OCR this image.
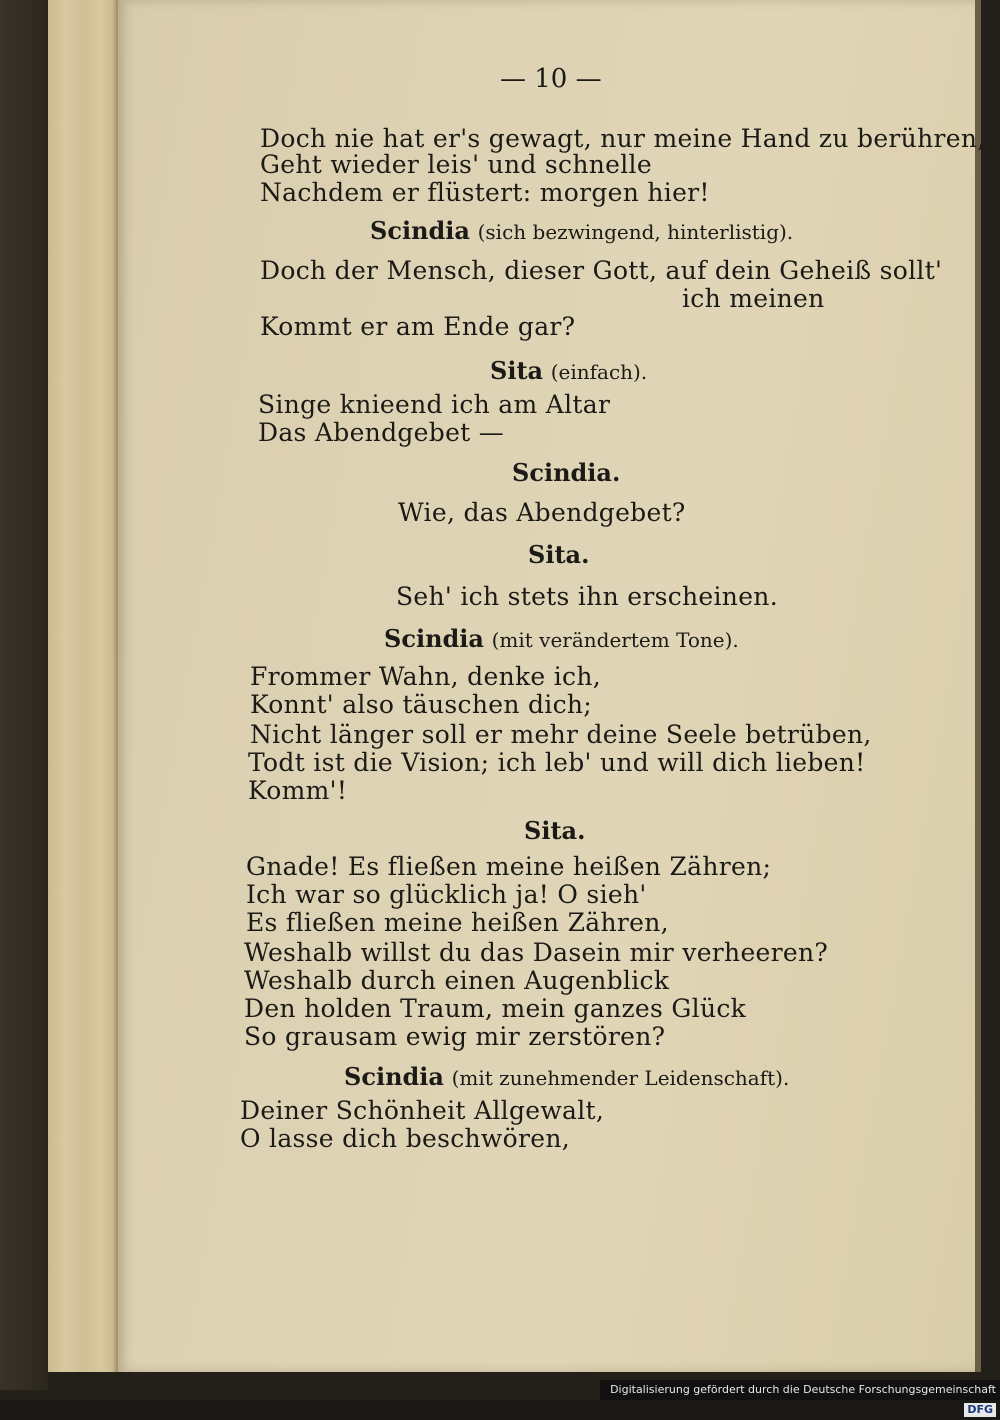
— 10 —
Doch nie hat er's gewagt, nur meine Hand zu berühren,
Geht wieder leis' und schnelle
Nachdem er flüstert: morgen hier!
Scindia (sich bezwingend, hinterlistig).
Doch der Mensch, dieser Gott, auf dein Geheiß sollt'
ich meinen
Kommt er am Ende gar?
Sita (einfach).
Singe knieend ich am Altar
Das Abendgebet —
Scindia.
Wie, das Abendgebet?
Sita.
Seh' ich stets ihn erscheinen.
Scindia (mit verändertem Tone).
Frommer Wahn, denke ich,
Konnt' also täuschen dich;
Nicht länger soll er mehr deine Seele betrüben,
Todt ist die Vision; ich leb' und will dich lieben!
Komm'!
Sita.
Gnade! Es fließen meine heißen Zähren;
Ich war so glücklich ja! O sieh'
Es fließen meine heißen Zähren,
Weshalb willst du das Dasein mir verheeren?
Weshalb durch einen Augenblick
Den holden Traum, mein ganzes Glück
So grausam ewig mir zerstören?
Scindia (mit zunehmender Leidenschaft).
Deiner Schönheit Allgewalt,
O lasse dich beschwören,
Digitalisierung gefördert durch die Deutsche ForschungsgemeinschaftDFG
